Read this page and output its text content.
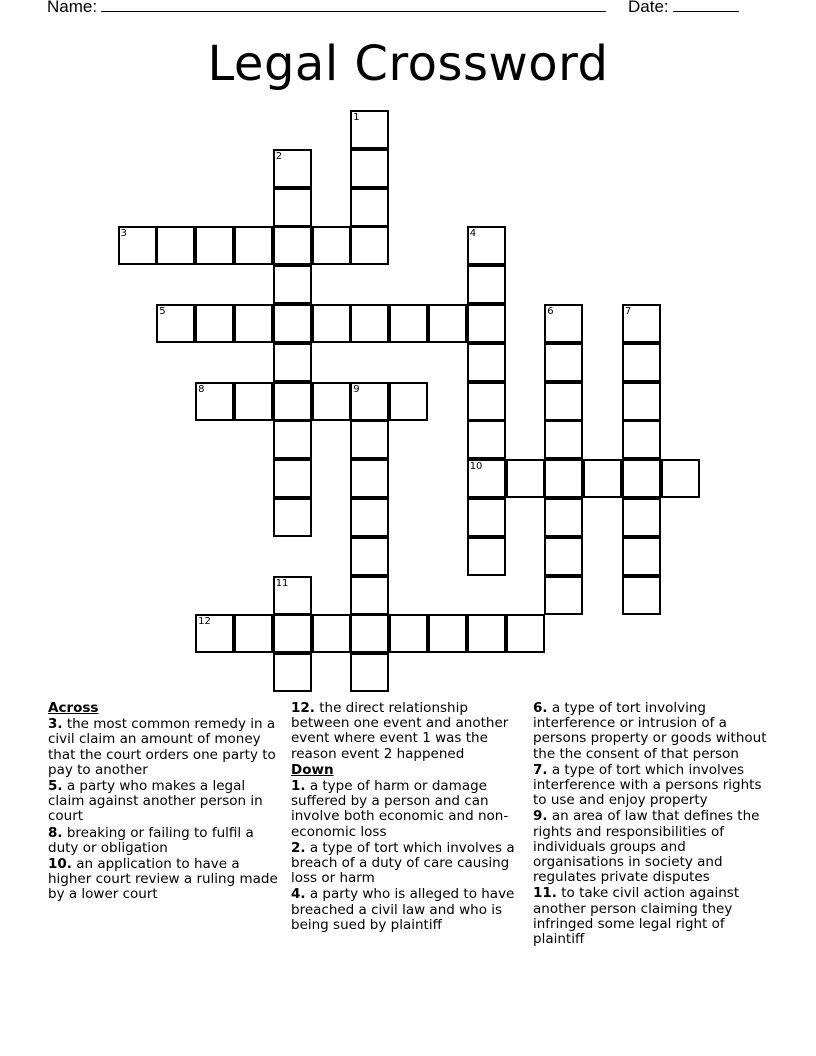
Name:	Date:
Legal Crossword
1
2
3	4
10
5	6	7
8	9
11
12
Across
3. the most common remedy in a civil claim an amount of money that the court orders one party to pay to another
5. a party who makes a legal claim against another person in court
8. breaking or failing to fulfil a duty or obligation
10. an application to have a higher court review a ruling made by a lower court
12. the direct relationship between one event and another event where event 1 was the reason event 2 happened
Down
1. a type of harm or damage suffered by a person and can involve both economic and non-economic loss
2. a type of tort which involves a breach of a duty of care causing loss or harm
4. a party who is alleged to have breached a civil law and who is being sued by plaintiff
6. a type of tort involving interference or intrusion of a persons property or goods without the the consent of that person
7. a type of tort which involves interference with a persons rights to use and enjoy property
9. an area of law that defines the rights and responsibilities of individuals groups and organisations in society and regulates private disputes
11. to take civil action against another person claiming they infringed some legal right of plaintiff
